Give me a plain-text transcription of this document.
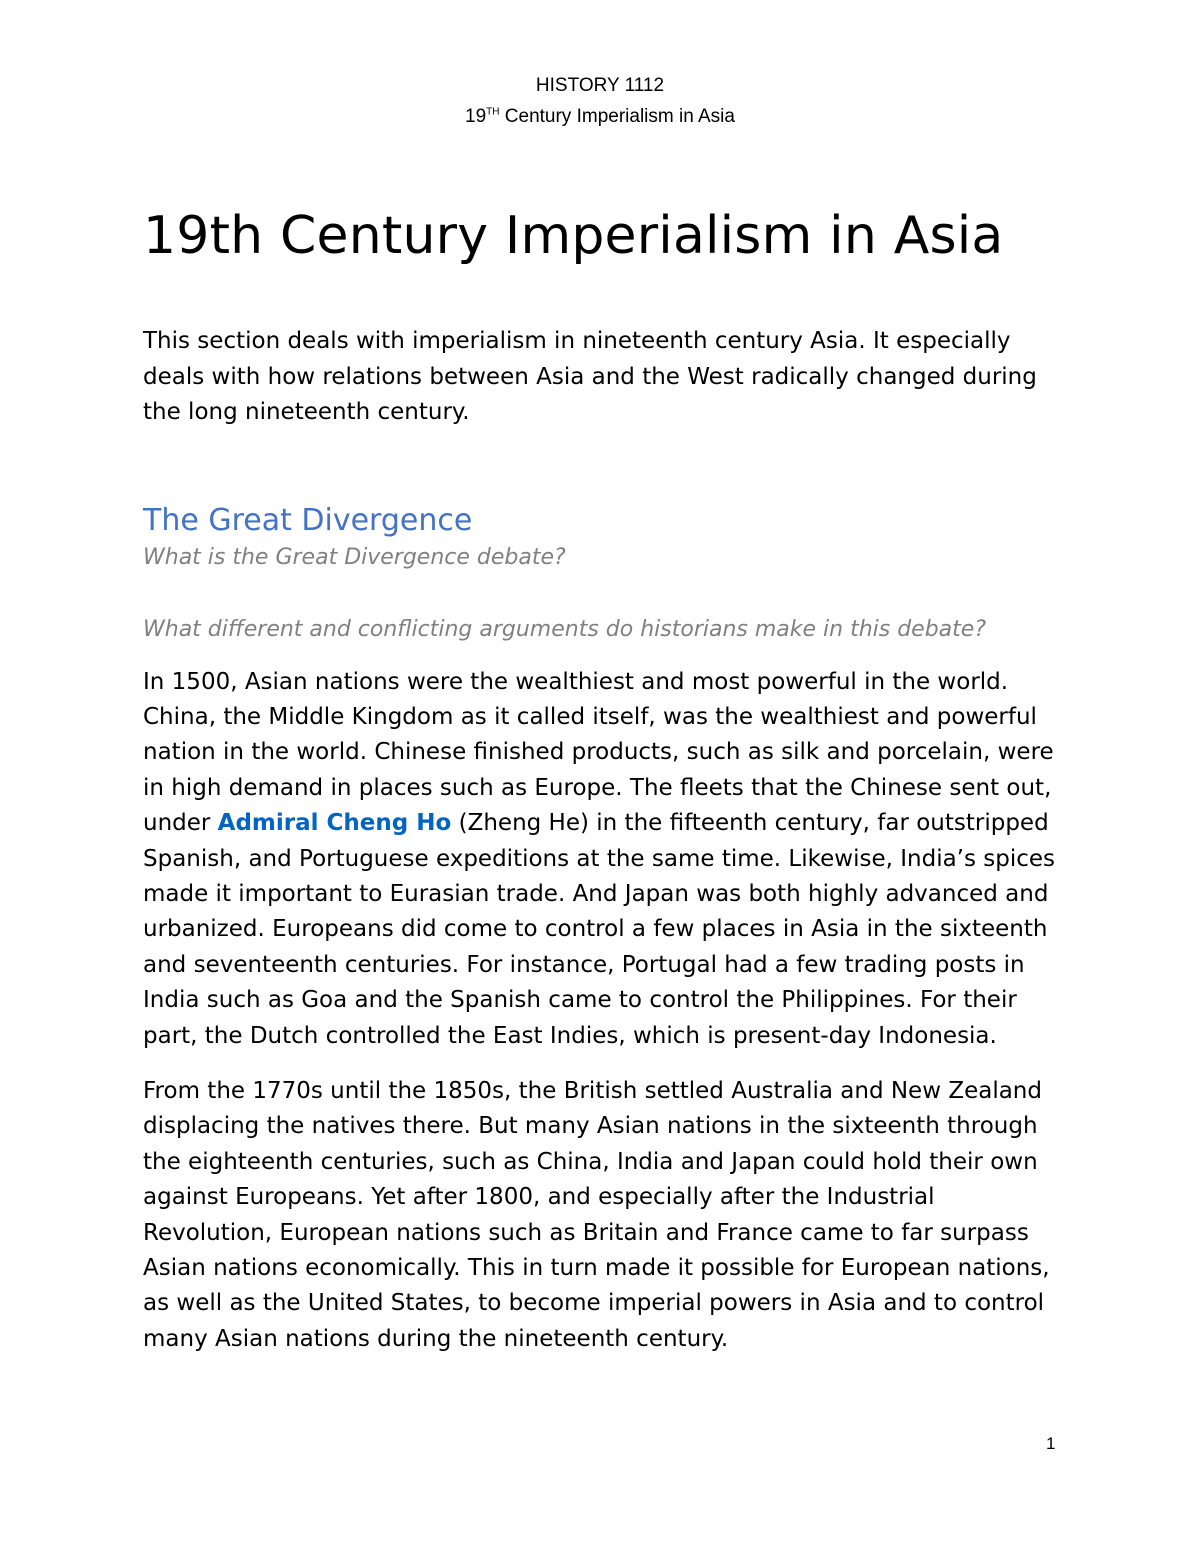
HISTORY 1112
19TH Century Imperialism in Asia
19th Century Imperialism in Asia

This section deals with imperialism in nineteenth century Asia. It especially deals with how relations between Asia and the West radically changed during the long nineteenth century.

The Great Divergence

What is the Great Divergence debate?

What different and conflicting arguments do historians make in this debate?

In 1500, Asian nations were the wealthiest and most powerful in the world. China, the Middle Kingdom as it called itself, was the wealthiest and powerful nation in the world. Chinese finished products, such as silk and porcelain, were in high demand in places such as Europe. The fleets that the Chinese sent out, under Admiral Cheng Ho (Zheng He) in the fifteenth century, far outstripped Spanish, and Portuguese expeditions at the same time. Likewise, India’s spices made it important to Eurasian trade. And Japan was both highly advanced and urbanized. Europeans did come to control a few places in Asia in the sixteenth and seventeenth centuries. For instance, Portugal had a few trading posts in India such as Goa and the Spanish came to control the Philippines. For their part, the Dutch controlled the East Indies, which is present-day Indonesia.

From the 1770s until the 1850s, the British settled Australia and New Zealand displacing the natives there. But many Asian nations in the sixteenth through the eighteenth centuries, such as China, India and Japan could hold their own against Europeans. Yet after 1800, and especially after the Industrial Revolution, European nations such as Britain and France came to far surpass Asian nations economically. This in turn made it possible for European nations, as well as the United States, to become imperial powers in Asia and to control many Asian nations during the nineteenth century.

1
